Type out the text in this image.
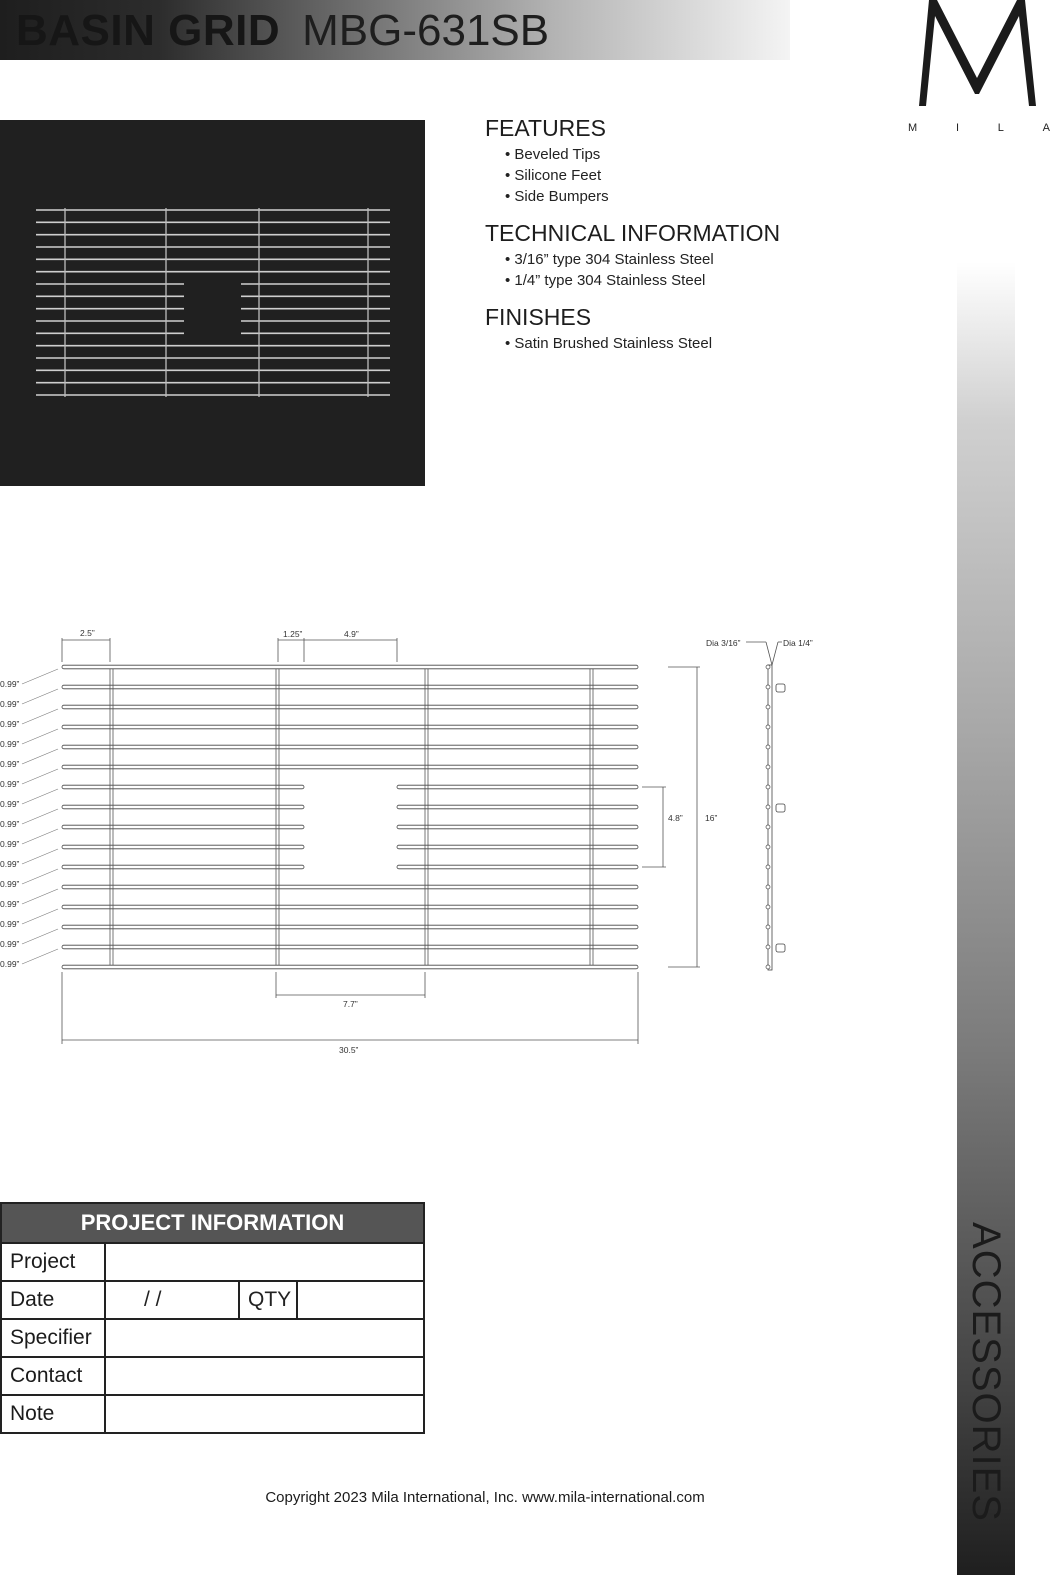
BASIN GRID MBG-631SB
M	I	L	A
ACCESSORIES
FEATURES
• Beveled Tips
• Silicone Feet
• Side Bumpers
TECHNICAL INFORMATION
• 3/16” type 304 Stainless Steel
• 1/4” type 304 Stainless Steel
FINISHES
• Satin Brushed Stainless Steel
0.99”
0.99”
0.99”
0.99”
0.99”
0.99”
0.99”
0.99”
0.99”
0.99”
0.99”
0.99”
0.99”
0.99”
0.99”
2.5”	1.25”	4.9”
4.8”	16”
7.7”
30.5”
Dia 3/16”	Dia 1/4”
PROJECT INFORMATION
Project
Date	/ /	QTY
Specifier
Contact
Note
Copyright 2023 Mila International, Inc. www.mila-international.com
